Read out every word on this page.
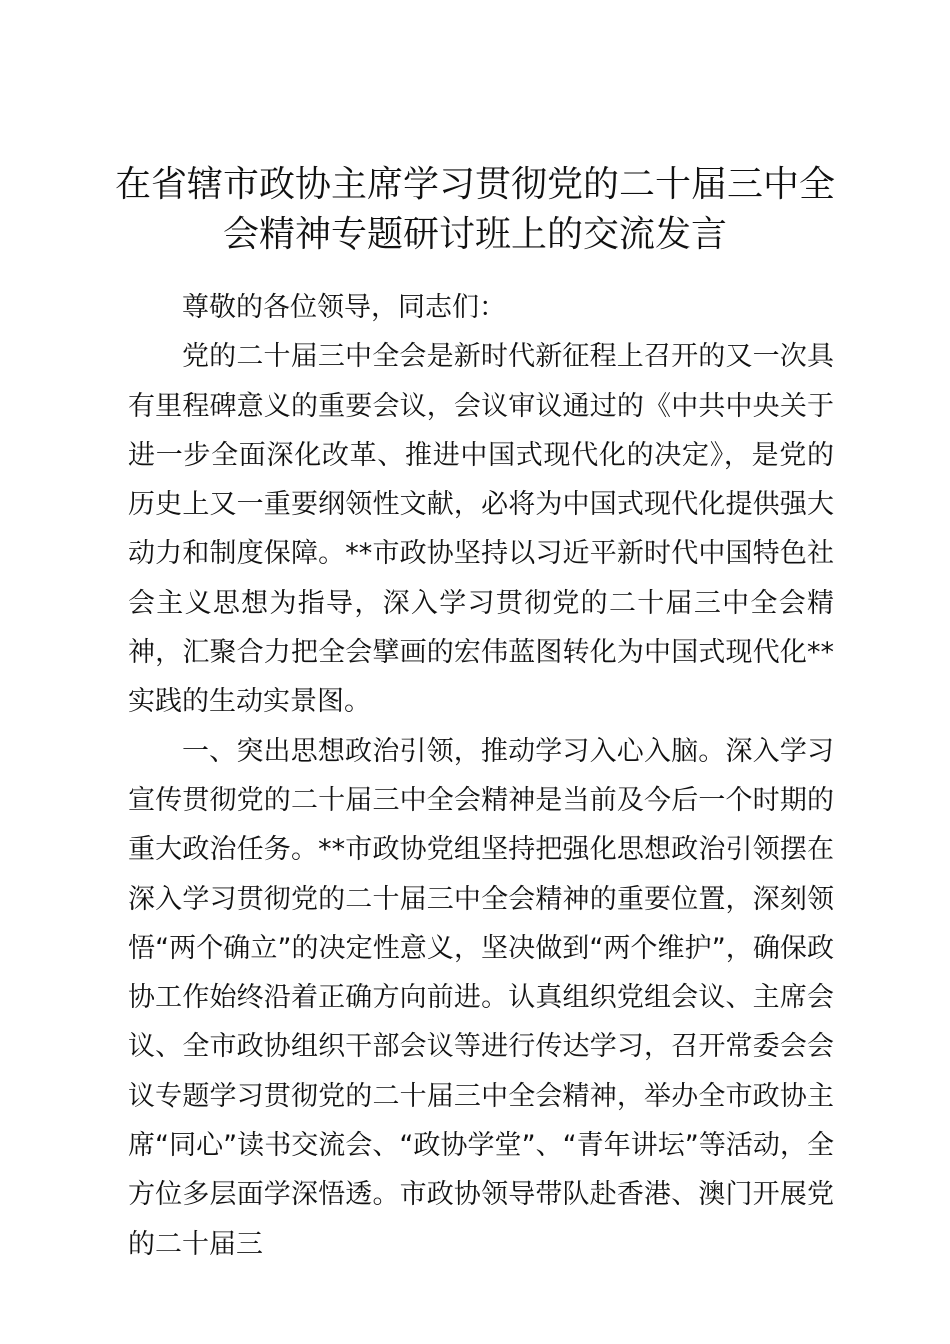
在省辖市政协主席学习贯彻党的二十届三中全会精神专题研讨班上的交流发言

尊敬的各位领导，同志们：

党的二十届三中全会是新时代新征程上召开的又一次具有里程碑意义的重要会议，会议审议通过的《中共中央关于进一步全面深化改革、推进中国式现代化的决定》，是党的历史上又一重要纲领性文献，必将为中国式现代化提供强大动力和制度保障。**市政协坚持以习近平新时代中国特色社会主义思想为指导，深入学习贯彻党的二十届三中全会精神，汇聚合力把全会擘画的宏伟蓝图转化为中国式现代化**实践的生动实景图。

一、突出思想政治引领，推动学习入心入脑。深入学习宣传贯彻党的二十届三中全会精神是当前及今后一个时期的重大政治任务。**市政协党组坚持把强化思想政治引领摆在深入学习贯彻党的二十届三中全会精神的重要位置，深刻领悟“两个确立”的决定性意义，坚决做到“两个维护”，确保政协工作始终沿着正确方向前进。认真组织党组会议、主席会议、全市政协组织干部会议等进行传达学习，召开常委会会议专题学习贯彻党的二十届三中全会精神，举办全市政协主席“同心”读书交流会、“政协学堂”、“青年讲坛”等活动，全方位多层面学深悟透。市政协领导带队赴香港、澳门开展党的二十届三
